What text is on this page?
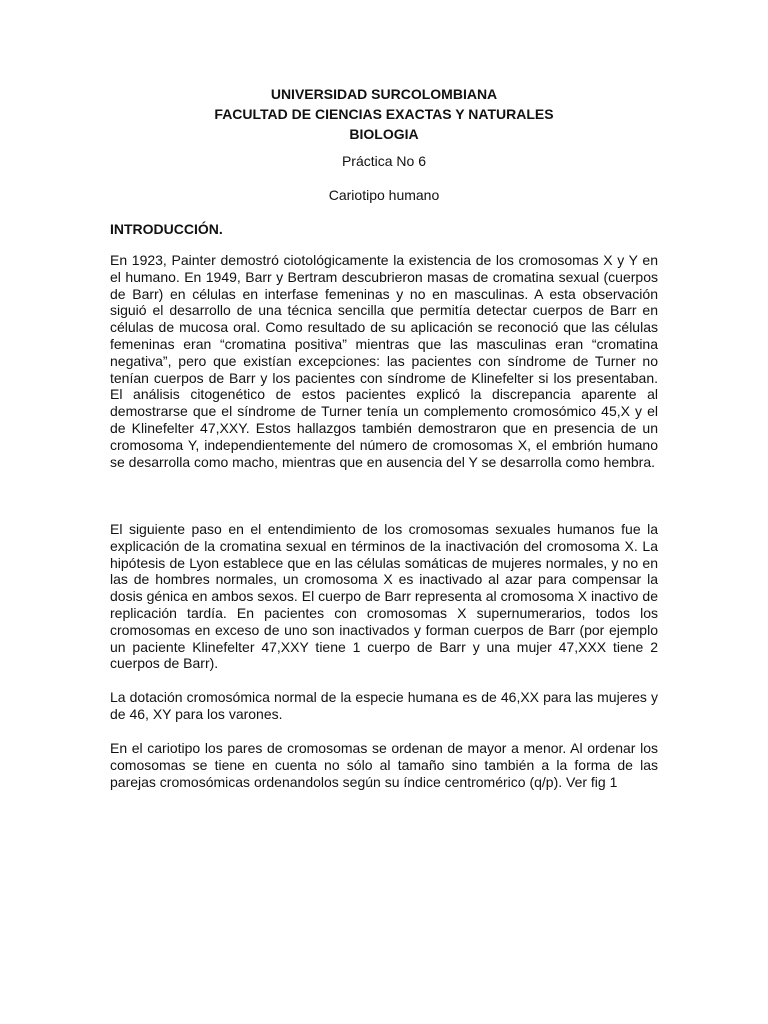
UNIVERSIDAD SURCOLOMBIANA
FACULTAD DE CIENCIAS EXACTAS Y NATURALES
BIOLOGIA
Práctica No 6
Cariotipo humano
INTRODUCCIÓN.

En 1923, Painter demostró ciotológicamente la existencia de los cromosomas X y Y en el humano. En 1949, Barr y Bertram descubrieron masas de cromatina sexual (cuerpos de Barr) en células en interfase femeninas y no en masculinas. A esta observación siguió el desarrollo de una técnica sencilla que permitía detectar cuerpos de Barr en células de mucosa oral. Como resultado de su aplicación se reconoció que las células femeninas eran “cromatina positiva” mientras que las masculinas eran “cromatina negativa”, pero que existían excepciones: las pacientes con síndrome de Turner no tenían cuerpos de Barr y los pacientes con síndrome de Klinefelter si los presentaban. El análisis citogenético de estos pacientes explicó la discrepancia aparente al demostrarse que el síndrome de Turner tenía un complemento cromosómico 45,X y el de Klinefelter 47,XXY. Estos hallazgos también demostraron que en presencia de un cromosoma Y, independientemente del número de cromosomas X, el embrión humano se desarrolla como macho, mientras que en ausencia del Y se desarrolla como hembra.

El siguiente paso en el entendimiento de los cromosomas sexuales humanos fue la explicación de la cromatina sexual en términos de la inactivación del cromosoma X. La hipótesis de Lyon establece que en las células somáticas de mujeres normales, y no en las de hombres normales, un cromosoma X es inactivado al azar para compensar la dosis génica en ambos sexos. El cuerpo de Barr representa al cromosoma X inactivo de replicación tardía. En pacientes con cromosomas X supernumerarios, todos los cromosomas en exceso de uno son inactivados y forman cuerpos de Barr (por ejemplo un paciente Klinefelter 47,XXY tiene 1 cuerpo de Barr y una mujer 47,XXX tiene 2 cuerpos de Barr).

La dotación cromosómica normal de la especie humana es de 46,XX para las mujeres y de 46, XY para los varones.

En el cariotipo los pares de cromosomas se ordenan de mayor a menor. Al ordenar los comosomas se tiene en cuenta no sólo al tamaño sino también a la forma de las parejas cromosómicas ordenandolos según su índice centromérico (q/p). Ver fig 1
